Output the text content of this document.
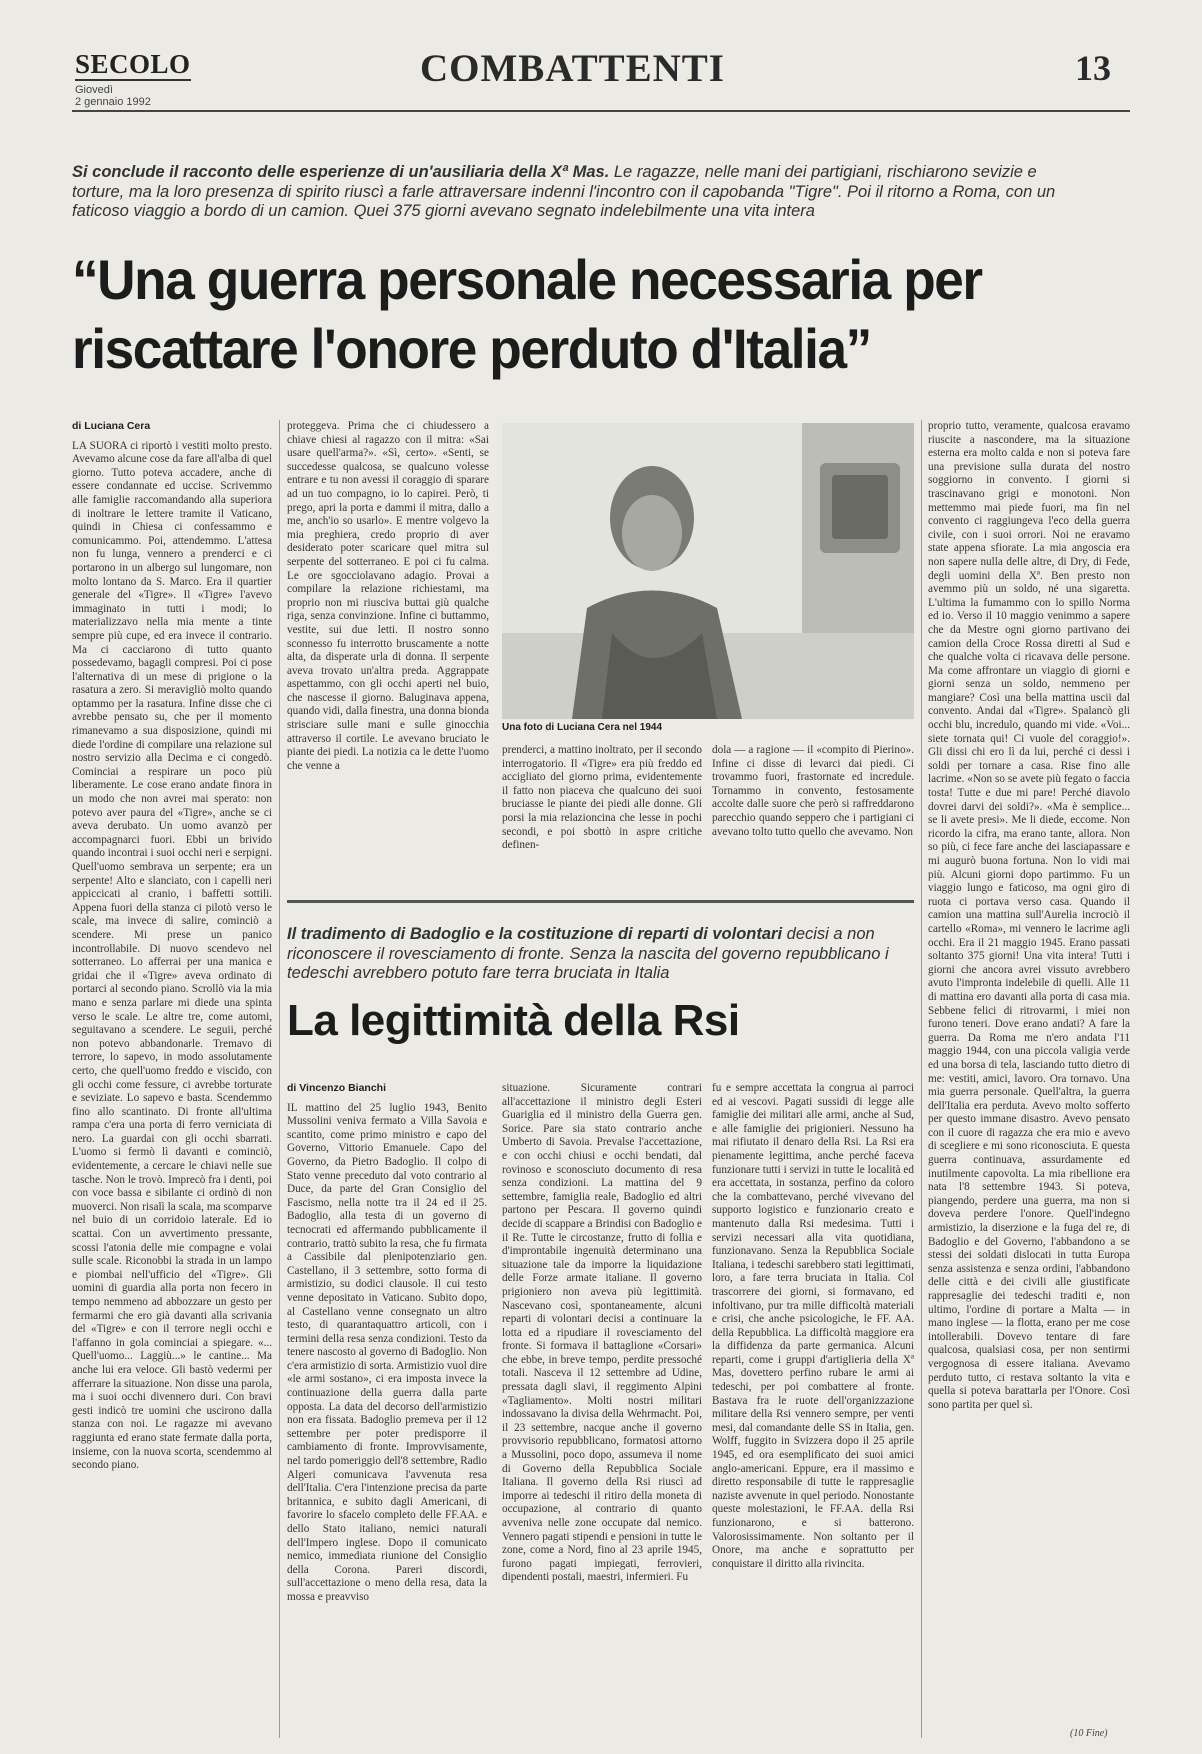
SECOLO
Giovedì
2 gennaio 1992
COMBATTENTI	13
Si conclude il racconto delle esperienze di un'ausiliaria della Xª Mas. Le ragazze, nelle mani dei partigiani, rischiarono sevizie e torture, ma la loro presenza di spirito riuscì a farle attraversare indenni l'incontro con il capobanda "Tigre". Poi il ritorno a Roma, con un faticoso viaggio a bordo di un camion. Quei 375 giorni avevano segnato indelebilmente una vita intera
“Una guerra personale necessaria per riscattare l'onore perduto d'Italia”
di Luciana Cera

LA SUORA ci riportò i vestiti molto presto. Avevamo alcune cose da fare all'alba di quel giorno. Tutto poteva accadere, anche di essere condannate ed uccise. Scrivemmo alle famiglie raccomandando alla superiora di inoltrare le lettere tramite il Vaticano, quindi in Chiesa ci confessammo e comunicammo. Poi, attendemmo. L'attesa non fu lunga, vennero a prenderci e ci portarono in un albergo sul lungomare, non molto lontano da S. Marco. Era il quartier generale del «Tigre». Il «Tigre» l'avevo immaginato in tutti i modi; lo materializzavo nella mia mente a tinte sempre più cupe, ed era invece il contrario. Ma ci cacciarono di tutto quanto possedevamo, bagagli compresi. Poi ci pose l'alternativa di un mese di prigione o la rasatura a zero. Si meravigliò molto quando optammo per la rasatura. Infine disse che ci avrebbe pensato su, che per il momento rimanevamo a sua disposizione, quindi mi diede l'ordine di compilare una relazione sul nostro servizio alla Decima e ci congedò. Cominciai a respirare un poco più liberamente. Le cose erano andate finora in un modo che non avrei mai sperato: non potevo aver paura del «Tigre», anche se ci aveva derubato. Un uomo avanzò per accompagnarci fuori. Ebbi un brivido quando incontrai i suoi occhi neri e serpigni. Quell'uomo sembrava un serpente; era un serpente! Alto e slanciato, con i capelli neri appiccicati al cranio, i baffetti sottili. Appena fuori della stanza ci pilotò verso le scale, ma invece di salire, cominciò a scendere. Mi prese un panico incontrollabile. Di nuovo scendevo nel sotterraneo. Lo afferrai per una manica e gridai che il «Tigre» aveva ordinato di portarci al secondo piano. Scrollò via la mia mano e senza parlare mi diede una spinta verso le scale. Le altre tre, come automi, seguitavano a scendere. Le seguii, perché non potevo abbandonarle. Tremavo di terrore, lo sapevo, in modo assolutamente certo, che quell'uomo freddo e viscido, con gli occhi come fessure, ci avrebbe torturate e seviziate. Lo sapevo e basta. Scendemmo fino allo scantinato. Di fronte all'ultima rampa c'era una porta di ferro verniciata di nero. La guardai con gli occhi sbarrati. L'uomo si fermò lì davanti e cominciò, evidentemente, a cercare le chiavi nelle sue tasche. Non le trovò. Imprecò fra i denti, poi con voce bassa e sibilante ci ordinò di non muoverci. Non risalì la scala, ma scomparve nel buio di un corridoio laterale. Ed io scattai. Con un avvertimento pressante, scossi l'atonia delle mie compagne e volai sulle scale. Riconobbi la strada in un lampo e piombai nell'ufficio del «Tigre». Gli uomini di guardia alla porta non fecero in tempo nemmeno ad abbozzare un gesto per fermarmi che ero già davanti alla scrivania del «Tigre» e con il terrore negli occhi e l'affanno in gola cominciai a spiegare. «... Quell'uomo... Laggiù...» le cantine... Ma anche lui era veloce. Gli bastò vedermi per afferrare la situazione. Non disse una parola, ma i suoi occhi divennero duri. Con bravi gesti indicò tre uomini che uscirono dalla stanza con noi. Le ragazze mi avevano raggiunta ed erano state fermate dalla porta, insieme, con la nuova scorta, scendemmo al secondo piano.

proteggeva. Prima che ci chiudessero a chiave chiesi al ragazzo con il mitra: «Sai usare quell'arma?». «Sì, certo». «Senti, se succedesse qualcosa, se qualcuno volesse entrare e tu non avessi il coraggio di sparare ad un tuo compagno, io lo capirei. Però, ti prego, apri la porta e dammi il mitra, dallo a me, anch'io so usarlo». E mentre volgevo la mia preghiera, credo proprio di aver desiderato poter scaricare quel mitra sul serpente del sotterraneo. E poi ci fu calma. Le ore sgocciolavano adagio. Provai a compilare la relazione richiestami, ma proprio non mi riusciva buttai giù qualche riga, senza convinzione. Infine ci buttammo, vestite, sui due letti. Il nostro sonno sconnesso fu interrotto bruscamente a notte alta, da disperate urla di donna. Il serpente aveva trovato un'altra preda. Aggrappate aspettammo, con gli occhi aperti nel buio, che nascesse il giorno. Baluginava appena, quando vidi, dalla finestra, una donna bionda strisciare sulle mani e sulle ginocchia attraverso il cortile. Le avevano bruciato le piante dei piedi. La notizia ca le dette l'uomo che venne a

Una foto di Luciana Cera nel 1944

prenderci, a mattino inoltrato, per il secondo interrogatorio. Il «Tigre» era più freddo ed accigliato del giorno prima, evidentemente il fatto non piaceva che qualcuno dei suoi bruciasse le piante dei piedi alle donne. Gli porsi la mia relazioncina che lesse in pochi secondi, e poi sbottò in aspre critiche definen-

dola — a ragione — il «compito di Pierino». Infine ci disse di levarci dai piedi. Ci trovammo fuori, frastornate ed incredule. Tornammo in convento, festosamente accolte dalle suore che però si raffreddarono parecchio quando seppero che i partigiani ci avevano tolto tutto quello che avevamo. Non

proprio tutto, veramente, qualcosa eravamo riuscite a nascondere, ma la situazione esterna era molto calda e non si poteva fare una previsione sulla durata del nostro soggiorno in convento. I giorni si trascinavano grigi e monotoni. Non mettemmo mai piede fuori, ma fin nel convento ci raggiungeva l'eco della guerra civile, con i suoi orrori. Noi ne eravamo state appena sfiorate. La mia angoscia era non sapere nulla delle altre, di Dry, di Fede, degli uomini della Xª. Ben presto non avemmo più un soldo, né una sigaretta. L'ultima la fumammo con lo spillo Norma ed io. Verso il 10 maggio venimmo a sapere che da Mestre ogni giorno partivano dei camion della Croce Rossa diretti al Sud e che qualche volta ci ricavava delle persone. Ma come affrontare un viaggio di giorni e giorni senza un soldo, nemmeno per mangiare? Così una bella mattina uscii dal convento. Andai dal «Tigre». Spalancò gli occhi blu, incredulo, quando mi vide. «Voi... siete tornata qui! Ci vuole del coraggio!». Gli dissi chi ero lì da lui, perché ci dessi i soldi per tornare a casa. Rise fino alle lacrime. «Non so se avete più fegato o faccia tosta! Tutte e due mi pare! Perché diavolo dovrei darvi dei soldi?». «Ma è semplice... se li avete presi». Me li diede, eccome. Non ricordo la cifra, ma erano tante, allora. Non so più, ci fece fare anche dei lasciapassare e mi augurò buona fortuna. Non lo vidi mai più. Alcuni giorni dopo partimmo. Fu un viaggio lungo e faticoso, ma ogni giro di ruota ci portava verso casa. Quando il camion una mattina sull'Aurelia incrociò il cartello «Roma», mi vennero le lacrime agli occhi. Era il 21 maggio 1945. Erano passati soltanto 375 giorni! Una vita intera! Tutti i giorni che ancora avrei vissuto avrebbero avuto l'impronta indelebile di quelli. Alle 11 di mattina ero davanti alla porta di casa mia. Sebbene felici di ritrovarmi, i miei non furono teneri. Dove erano andati? A fare la guerra. Da Roma me n'ero andata l'11 maggio 1944, con una piccola valigia verde ed una borsa di tela, lasciando tutto dietro di me: vestiti, amici, lavoro. Ora tornavo. Una mia guerra personale. Quell'altra, la guerra dell'Italia era perduta. Avevo molto sofferto per questo immane disastro. Avevo pensato con il cuore di ragazza che era mio e avevo di scegliere e mi sono riconosciuta. E questa guerra continuava, assurdamente ed inutilmente capovolta. La mia ribellione era nata l'8 settembre 1943. Si poteva, piangendo, perdere una guerra, ma non si doveva perdere l'onore. Quell'indegno armistizio, la diserzione e la fuga del re, di Badoglio e del Governo, l'abbandono a se stessi dei soldati dislocati in tutta Europa senza assistenza e senza ordini, l'abbandono delle città e dei civili alle giustificate rappresaglie dei tedeschi traditi e, non ultimo, l'ordine di portare a Malta — in mano inglese — la flotta, erano per me cose intollerabili. Dovevo tentare di fare qualcosa, qualsiasi cosa, per non sentirmi vergognosa di essere italiana. Avevamo perduto tutto, ci restava soltanto la vita e quella si poteva barattarla per l'Onore. Così sono partita per quel sì.

Il tradimento di Badoglio e la costituzione di reparti di volontari decisi a non riconoscere il rovesciamento di fronte. Senza la nascita del governo repubblicano i tedeschi avrebbero potuto fare terra bruciata in Italia
La legittimità della Rsi
di Vincenzo Bianchi

IL mattino del 25 luglio 1943, Benito Mussolini veniva fermato a Villa Savoia e scantito, come primo ministro e capo del Governo, Vittorio Emanuele. Capo del Governo, da Pietro Badoglio. Il colpo di Stato venne preceduto dal voto contrario al Duce, da parte del Gran Consiglio del Fascismo, nella notte tra il 24 ed il 25. Badoglio, alla testa di un governo di tecnocrati ed affermando pubblicamente il contrario, trattò subito la resa, che fu firmata a Cassibile dal plenipotenziario gen. Castellano, il 3 settembre, sotto forma di armistizio, su dodici clausole. Il cui testo venne depositato in Vaticano. Subito dopo, al Castellano venne consegnato un altro testo, di quarantaquattro articoli, con i termini della resa senza condizioni. Testo da tenere nascosto al governo di Badoglio. Non c'era armistizio di sorta. Armistizio vuol dire «le armi sostano», ci era imposta invece la continuazione della guerra dalla parte opposta. La data del decorso dell'armistizio non era fissata. Badoglio premeva per il 12 settembre per poter predisporre il cambiamento di fronte. Improvvisamente, nel tardo pomeriggio dell'8 settembre, Radio Algeri comunicava l'avvenuta resa dell'Italia. C'era l'intenzione precisa da parte britannica, e subito dagli Americani, di favorire lo sfacelo completo delle FF.AA. e dello Stato italiano, nemici naturali dell'Impero inglese. Dopo il comunicato nemico, immediata riunione del Consiglio della Corona. Pareri discordi, sull'accettazione o meno della resa, data la mossa e preavviso

situazione. Sicuramente contrari all'accettazione il ministro degli Esteri Guariglia ed il ministro della Guerra gen. Sorice. Pare sia stato contrario anche Umberto di Savoia. Prevalse l'accettazione, e con occhi chiusi e occhi bendati, dal rovinoso e sconosciuto documento di resa senza condizioni. La mattina del 9 settembre, famiglia reale, Badoglio ed altri partono per Pescara. Il governo quindi decide di scappare a Brindisi con Badoglio e il Re. Tutte le circostanze, frutto di follia e d'improntabile ingenuità determinano una situazione tale da imporre la liquidazione delle Forze armate italiane. Il governo prigioniero non aveva più legittimità. Nascevano così, spontaneamente, alcuni reparti di volontari decisi a continuare la lotta ed a ripudiare il rovesciamento del fronte. Si formava il battaglione «Corsari» che ebbe, in breve tempo, perdite pressoché totali. Nasceva il 12 settembre ad Udine, pressata dagli slavi, il reggimento Alpini «Tagliamento». Molti nostri militari indossavano la divisa della Wehrmacht. Poi, il 23 settembre, nacque anche il governo provvisorio repubblicano, formatosi attorno a Mussolini, poco dopo, assumeva il nome di Governo della Repubblica Sociale Italiana. Il governo della Rsi riuscì ad imporre ai tedeschi il ritiro della moneta di occupazione, al contrario di quanto avveniva nelle zone occupate dal nemico. Vennero pagati stipendi e pensioni in tutte le zone, come a Nord, fino al 23 aprile 1945, furono pagati impiegati, ferrovieri, dipendenti postali, maestri, infermieri. Fu

fu e sempre accettata la congrua ai parroci ed ai vescovi. Pagati sussidi di legge alle famiglie dei militari alle armi, anche al Sud, e alle famiglie dei prigionieri. Nessuno ha mai rifiutato il denaro della Rsi. La Rsi era pienamente legittima, anche perché faceva funzionare tutti i servizi in tutte le località ed era accettata, in sostanza, perfino da coloro che la combattevano, perché vivevano del supporto logistico e funzionario creato e mantenuto dalla Rsi medesima. Tutti i servizi necessari alla vita quotidiana, funzionavano. Senza la Repubblica Sociale Italiana, i tedeschi sarebbero stati legittimati, loro, a fare terra bruciata in Italia. Col trascorrere dei giorni, si formavano, ed infoltivano, pur tra mille difficoltà materiali e crisi, che anche psicologiche, le FF. AA. della Repubblica. La difficoltà maggiore era la diffidenza da parte germanica. Alcuni reparti, come i gruppi d'artiglieria della Xª Mas, dovettero perfino rubare le armi ai tedeschi, per poi combattere al fronte. Bastava fra le ruote dell'organizzazione militare della Rsi vennero sempre, per venti mesi, dal comandante delle SS in Italia, gen. Wolff, fuggito in Svizzera dopo il 25 aprile 1945, ed ora esemplificato dei suoi amici anglo-americani. Eppure, era il massimo e diretto responsabile di tutte le rappresaglie naziste avvenute in quel periodo. Nonostante queste molestazioni, le FF.AA. della Rsi funzionarono, e si batterono. Valorosissimamente. Non soltanto per il Onore, ma anche e soprattutto per conquistare il diritto alla rivincita.

(10 Fine)
